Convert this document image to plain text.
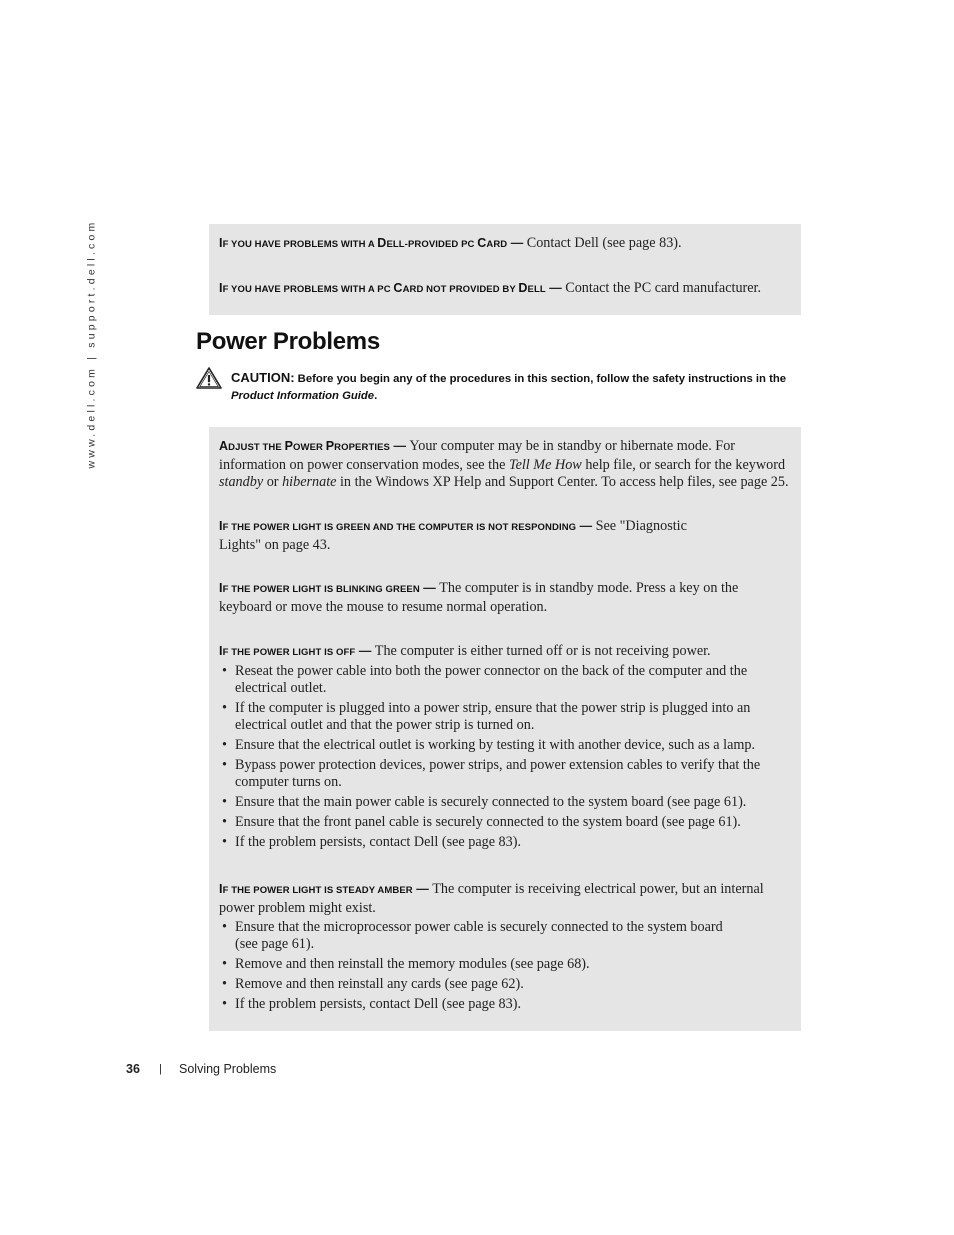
www.dell.com | support.dell.com	IF YOU HAVE PROBLEMS WITH A DELL-PROVIDED PC CARD — Contact Dell (see page 83).
IF YOU HAVE PROBLEMS WITH A PC CARD NOT PROVIDED BY DELL — Contact the PC card manufacturer.
Power Problems
CAUTION: Before you begin any of the procedures in this section, follow the safety instructions in the
Product Information Guide.
ADJUST THE POWER PROPERTIES — Your computer may be in standby or hibernate mode. For information on power conservation modes, see the Tell Me How help file, or search for the keyword standby or hibernate in the Windows XP Help and Support Center. To access help files, see page 25.
IF THE POWER LIGHT IS GREEN AND THE COMPUTER IS NOT RESPONDING — See "Diagnostic Lights" on page 43.
IF THE POWER LIGHT IS BLINKING GREEN — The computer is in standby mode. Press a key on the keyboard or move the mouse to resume normal operation.
IF THE POWER LIGHT IS OFF — The computer is either turned off or is not receiving power.
• Reseat the power cable into both the power connector on the back of the computer and the electrical outlet.
• If the computer is plugged into a power strip, ensure that the power strip is plugged into an electrical outlet and that the power strip is turned on.
• Ensure that the electrical outlet is working by testing it with another device, such as a lamp.
• Bypass power protection devices, power strips, and power extension cables to verify that the computer turns on.
• Ensure that the main power cable is securely connected to the system board (see page 61).
• Ensure that the front panel cable is securely connected to the system board (see page 61).
• If the problem persists, contact Dell (see page 83).
IF THE POWER LIGHT IS STEADY AMBER — The computer is receiving electrical power, but an internal power problem might exist.
• Ensure that the microprocessor power cable is securely connected to the system board (see page 61).
• Remove and then reinstall the memory modules (see page 68).
• Remove and then reinstall any cards (see page 62).
• If the problem persists, contact Dell (see page 83).
36 | Solving Problems
